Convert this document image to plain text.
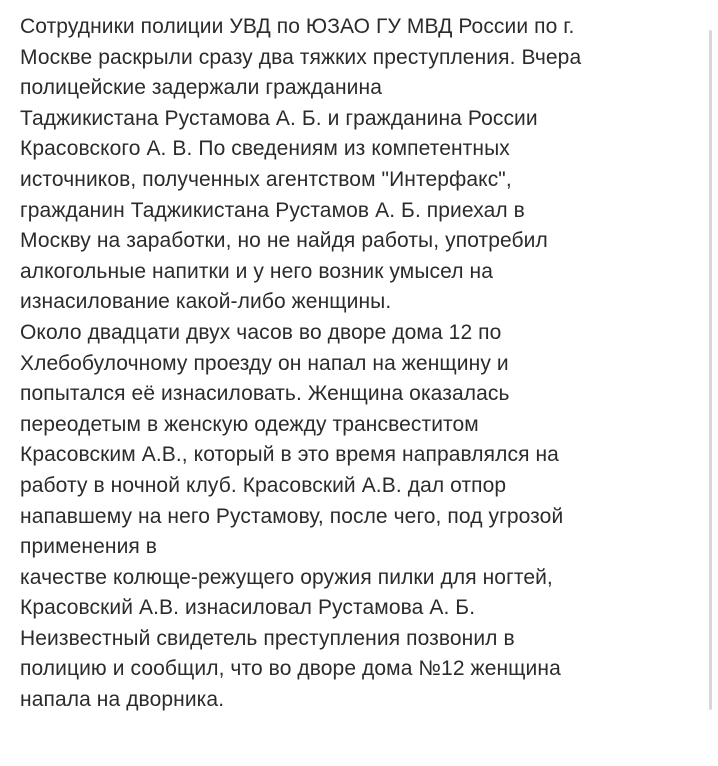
Сотрудники полиции УВД по ЮЗАО ГУ МВД России по г.
Москве раскрыли сразу два тяжких преступления. Вчера
полицейские задержали гражданина
Таджикистана Рустамова А. Б. и гражданина России
Красовского А. В. По сведениям из компетентных
источников, полученных агентством "Интерфакс",
гражданин Таджикистана Рустамов А. Б. приехал в
Москву на заработки, но не найдя работы, употребил
алкогольные напитки и у него возник умысел на
изнасилование какой-либо женщины.
Около двадцати двух часов во дворе дома 12 по
Хлебобулочному проезду он напал на женщину и
попытался её изнасиловать. Женщина оказалась
переодетым в женскую одежду трансвеститом
Красовским А.В., который в это время направлялся на
работу в ночной клуб. Красовский А.В. дал отпор
напавшему на него Рустамову, после чего, под угрозой
применения в
качестве колюще-режущего оружия пилки для ногтей,
Красовский А.В. изнасиловал Рустамова А. Б.
Неизвестный свидетель преступления позвонил в
полицию и сообщил, что во дворе дома №12 женщина
напала на дворника.
